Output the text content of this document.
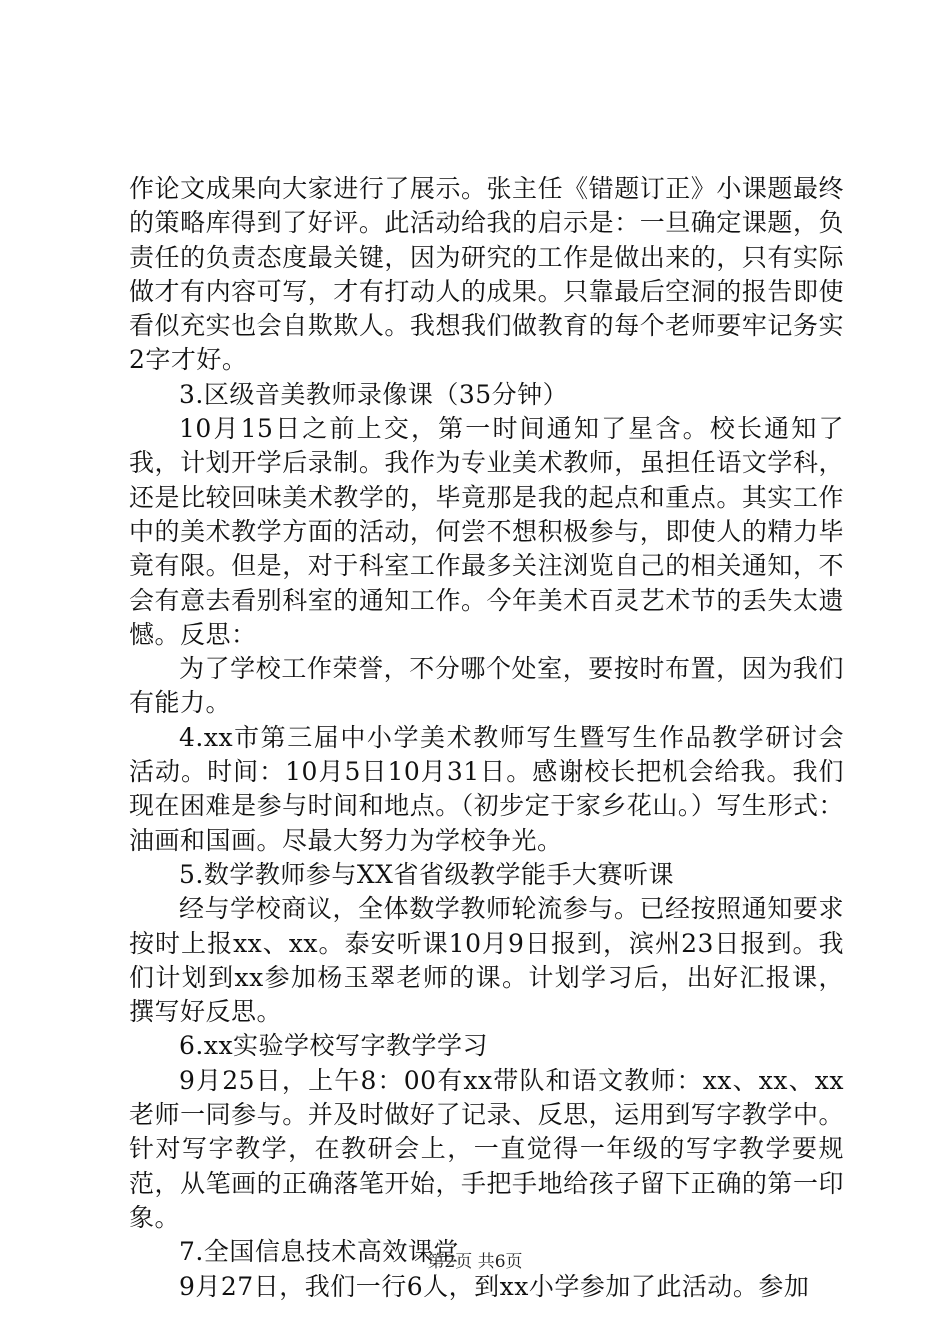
作论文成果向大家进行了展示。张主任《错题订正》小课题最终的策略库得到了好评。此活动给我的启示是：一旦确定课题，负责任的负责态度最关键，因为研究的工作是做出来的，只有实际做才有内容可写，才有打动人的成果。只靠最后空洞的报告即使看似充实也会自欺欺人。我想我们做教育的每个老师要牢记务实2字才好。

3.区级音美教师录像课（35分钟）

10月15日之前上交，第一时间通知了星含。校长通知了我，计划开学后录制。我作为专业美术教师，虽担任语文学科，还是比较回味美术教学的，毕竟那是我的起点和重点。其实工作中的美术教学方面的活动，何尝不想积极参与，即使人的精力毕竟有限。但是，对于科室工作最多关注浏览自己的相关通知，不会有意去看别科室的通知工作。今年美术百灵艺术节的丢失太遗憾。反思：

为了学校工作荣誉，不分哪个处室，要按时布置，因为我们有能力。

4.xx市第三届中小学美术教师写生暨写生作品教学研讨会活动。时间：10月5日10月31日。感谢校长把机会给我。我们现在困难是参与时间和地点。（初步定于家乡花山。）写生形式：油画和国画。尽最大努力为学校争光。

5.数学教师参与XX省省级教学能手大赛听课

经与学校商议，全体数学教师轮流参与。已经按照通知要求按时上报xx、xx。泰安听课10月9日报到，滨州23日报到。我们计划到xx参加杨玉翠老师的课。计划学习后，出好汇报课，撰写好反思。

6.xx实验学校写字教学学习

9月25日，上午8：00有xx带队和语文教师：xx、xx、xx老师一同参与。并及时做好了记录、反思，运用到写字教学中。针对写字教学，在教研会上，一直觉得一年级的写字教学要规范，从笔画的正确落笔开始，手把手地给孩子留下正确的第一印象。

7.全国信息技术高效课堂

9月27日，我们一行6人，到xx小学参加了此活动。参加

第2页 共6页
